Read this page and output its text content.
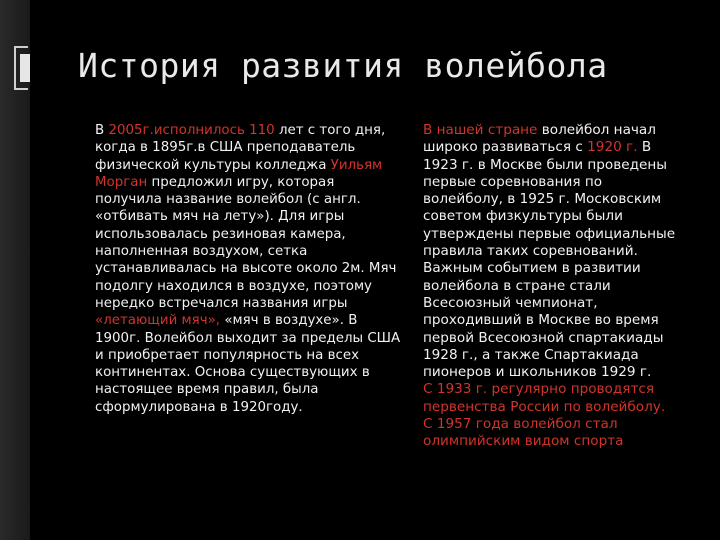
История развития волейбола
В 2005г.исполнилось 110 лет с того дня, когда в 1895г.в США преподаватель физической культуры колледжа Уильям Морган предложил игру, которая получила название волейбол (с англ. «отбивать мяч на лету»). Для игры использовалась резиновая камера, наполненная воздухом, сетка устанавливалась на высоте около 2м. Мяч подолгу находился в воздухе, поэтому нередко встречался названия игры «летающий мяч», «мяч в воздухе». В 1900г. Волейбол выходит за пределы США и приобретает популярность на всех континентах. Основа существующих в настоящее время правил, была сформулирована в 1920году.
В нашей стране волейбол начал широко развиваться с 1920 г. В 1923 г. в Москве были проведены первые соревнования по волейболу, в 1925 г. Московским советом физкультуры были утверждены первые официальные правила таких соревнований. Важным событием в развитии волейбола в стране стали Всесоюзный чемпионат, проходивший в Москве во время первой Всесоюзной спартакиады 1928 г., а также Спартакиада пионеров и школьников 1929 г.
С 1933 г. регулярно проводятся первенства России по волейболу.
С 1957 года волейбол стал олимпийским видом спорта
